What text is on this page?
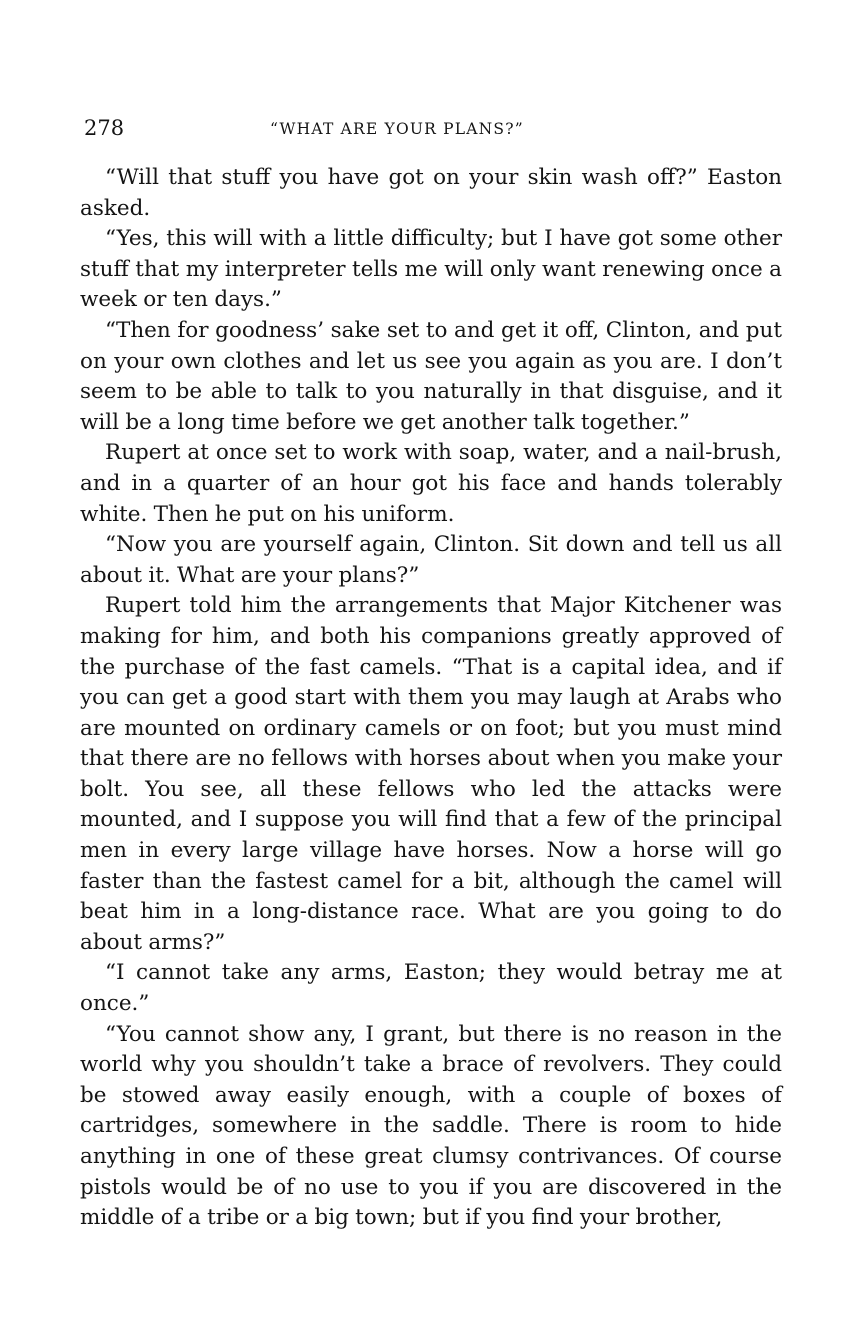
278	“WHAT ARE YOUR PLANS?”

“Will that stuff you have got on your skin wash off?” Easton asked.

“Yes, this will with a little difficulty; but I have got some other stuff that my interpreter tells me will only want renewing once a week or ten days.”

“Then for goodness’ sake set to and get it off, Clinton, and put on your own clothes and let us see you again as you are. I don’t seem to be able to talk to you naturally in that disguise, and it will be a long time before we get another talk together.”

Rupert at once set to work with soap, water, and a nail-brush, and in a quarter of an hour got his face and hands tolerably white. Then he put on his uniform.

“Now you are yourself again, Clinton. Sit down and tell us all about it. What are your plans?”

Rupert told him the arrangements that Major Kitchener was making for him, and both his companions greatly approved of the purchase of the fast camels. “That is a capital idea, and if you can get a good start with them you may laugh at Arabs who are mounted on ordinary camels or on foot; but you must mind that there are no fellows with horses about when you make your bolt. You see, all these fellows who led the attacks were mounted, and I suppose you will find that a few of the principal men in every large village have horses. Now a horse will go faster than the fastest camel for a bit, although the camel will beat him in a long-distance race. What are you going to do about arms?”

“I cannot take any arms, Easton; they would betray me at once.”

“You cannot show any, I grant, but there is no reason in the world why you shouldn’t take a brace of revolvers. They could be stowed away easily enough, with a couple of boxes of cartridges, somewhere in the saddle. There is room to hide anything in one of these great clumsy contrivances. Of course pistols would be of no use to you if you are discovered in the middle of a tribe or a big town; but if you find your brother,
